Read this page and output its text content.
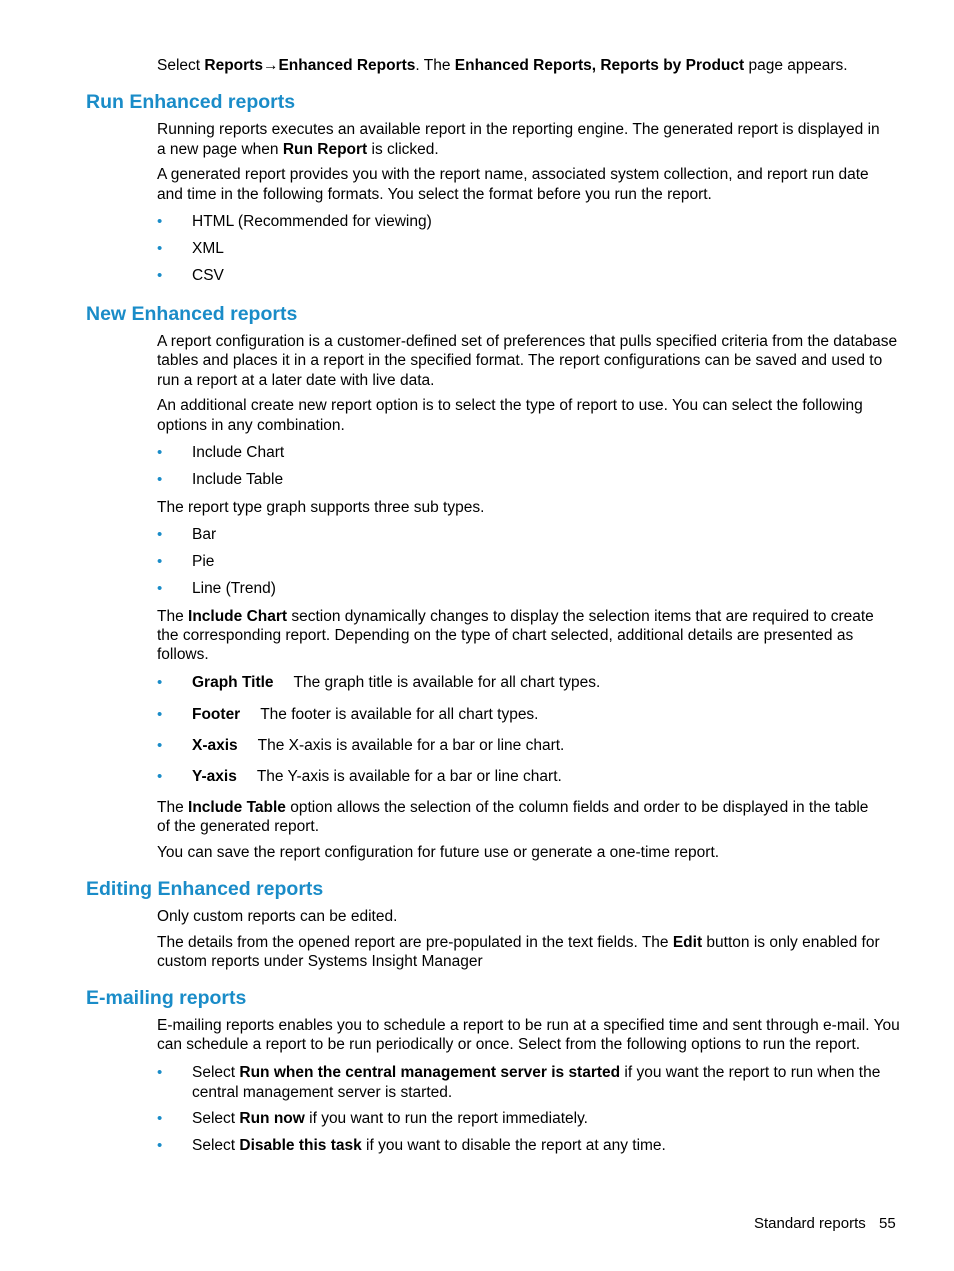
Select Reports→Enhanced Reports. The Enhanced Reports, Reports by Product page appears.

Run Enhanced reports

Running reports executes an available report in the reporting engine. The generated report is displayed in

a new page when Run Report is clicked.

A generated report provides you with the report name, associated system collection, and report run date

and time in the following formats. You select the format before you run the report.

• HTML (Recommended for viewing)
• XML
• CSV
New Enhanced reports

A report configuration is a customer-defined set of preferences that pulls specified criteria from the database

tables and places it in a report in the specified format. The report configurations can be saved and used to

run a report at a later date with live data.

An additional create new report option is to select the type of report to use. You can select the following

options in any combination.

• Include Chart
• Include Table

The report type graph supports three sub types.

• Bar
• Pie
• Line (Trend)

The Include Chart section dynamically changes to display the selection items that are required to create

the corresponding report. Depending on the type of chart selected, additional details are presented as

follows.

• Graph Title The graph title is available for all chart types.
• Footer The footer is available for all chart types.
• X-axis The X-axis is available for a bar or line chart.
• Y-axis The Y-axis is available for a bar or line chart.

The Include Table option allows the selection of the column fields and order to be displayed in the table

of the generated report.

You can save the report configuration for future use or generate a one-time report.

Editing Enhanced reports

Only custom reports can be edited.

The details from the opened report are pre-populated in the text fields. The Edit button is only enabled for

custom reports under Systems Insight Manager

E-mailing reports

E-mailing reports enables you to schedule a report to be run at a specified time and sent through e-mail. You

can schedule a report to be run periodically or once. Select from the following options to run the report.

• Select Run when the central management server is started if you want the report to run when the
central management server is started.
• Select Run now if you want to run the report immediately.
• Select Disable this task if you want to disable the report at any time.
Standard reports 55
